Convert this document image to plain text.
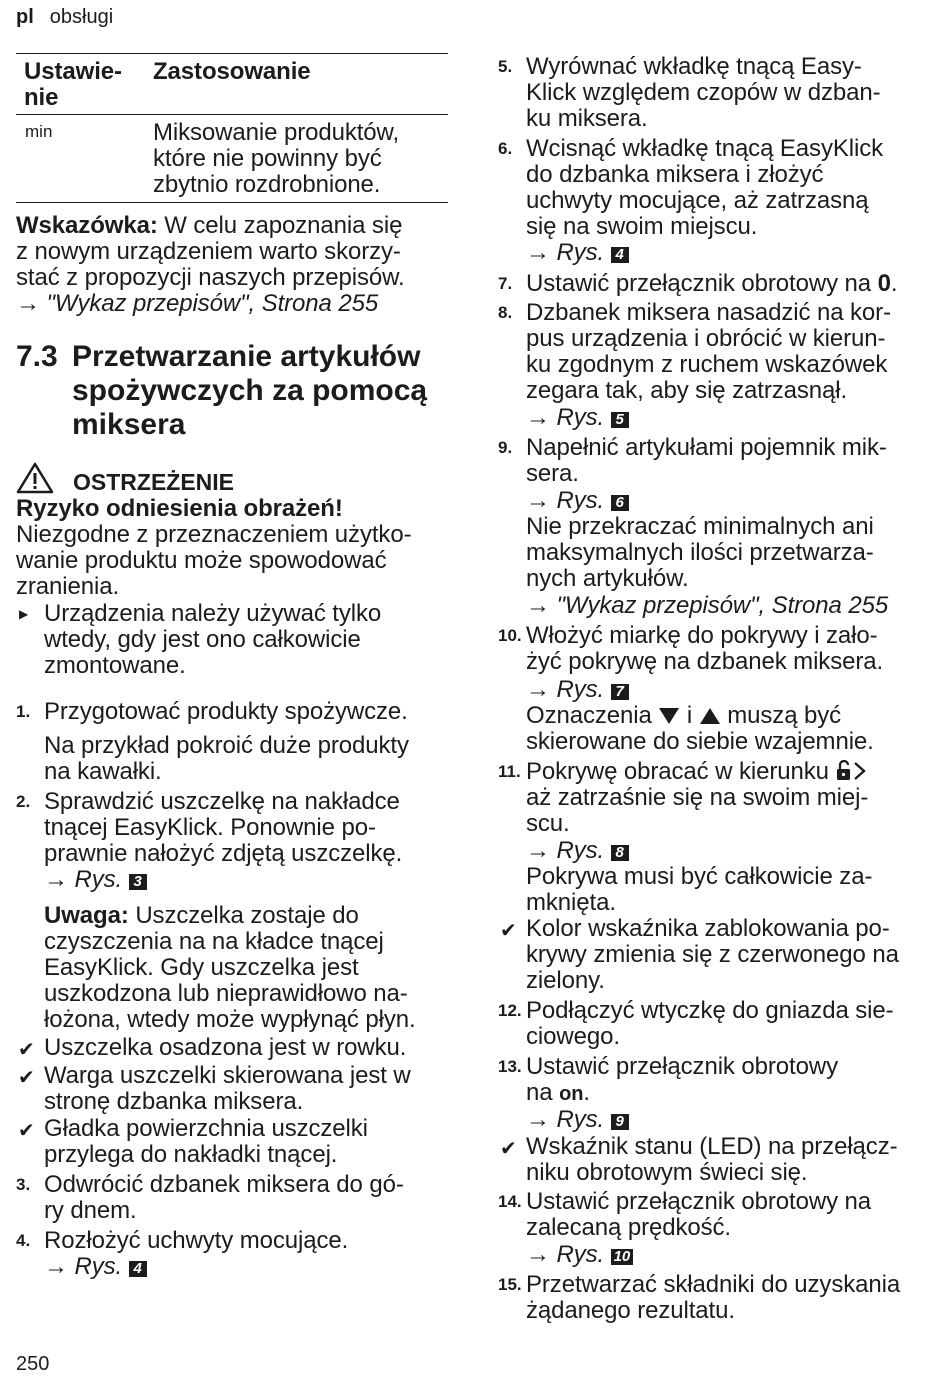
pl obsługi
Ustawie-
nie
Zastosowanie
min	Miksowanie produktów,
które nie powinny być
zbytnio rozdrobnione.
Wskazówka: W celu zapoznania się
z nowym urządzeniem warto skorzy-
stać z propozycji naszych przepisów.
→ "Wykaz przepisów", Strona 255
7.3 Przetwarzanie artykułów
spożywczych za pomocą
miksera
OSTRZEŻENIE
Ryzyko odniesienia obrażeń!
Niezgodne z przeznaczeniem użytko-
wanie produktu może spowodować
zranienia.
▶ Urządzenia należy używać tylko
wtedy, gdy jest ono całkowicie
zmontowane.
1. Przygotować produkty spożywcze.
Na przykład pokroić duże produkty
na kawałki.
2. Sprawdzić uszczelkę na nakładce
tnącej EasyKlick. Ponownie po-
prawnie nałożyć zdjętą uszczelkę.
→ Rys. 3
Uwaga: Uszczelka zostaje do
czyszczenia na na kładce tnącej
EasyKlick. Gdy uszczelka jest
uszkodzona lub nieprawidłowo na-
łożona, wtedy może wypłynąć płyn.
✔ Uszczelka osadzona jest w rowku.
✔ Warga uszczelki skierowana jest w
stronę dzbanka miksera.
✔ Gładka powierzchnia uszczelki
przylega do nakładki tnącej.
3. Odwrócić dzbanek miksera do gó-
ry dnem.
4. Rozłożyć uchwyty mocujące.
→ Rys. 4
5. Wyrównać wkładkę tnącą Easy-
Klick względem czopów w dzban-
ku miksera.
6. Wcisnąć wkładkę tnącą EasyKlick
do dzbanka miksera i złożyć
uchwyty mocujące, aż zatrzasną
się na swoim miejscu.
→ Rys. 4
7. Ustawić przełącznik obrotowy na 0.
8. Dzbanek miksera nasadzić na kor-
pus urządzenia i obrócić w kierun-
ku zgodnym z ruchem wskazówek
zegara tak, aby się zatrzasnął.
→ Rys. 5
9. Napełnić artykułami pojemnik mik-
sera.
→ Rys. 6
Nie przekraczać minimalnych ani
maksymalnych ilości przetwarza-
nych artykułów.
→ "Wykaz przepisów", Strona 255
10. Włożyć miarkę do pokrywy i zało-
żyć pokrywę na dzbanek miksera.
→ Rys. 7
Oznaczenia  i  muszą być
skierowane do siebie wzajemnie.
11. Pokrywę obracać w kierunku
aż zatrzaśnie się na swoim miej-
scu.
→ Rys. 8
Pokrywa musi być całkowicie za-
mknięta.
✔ Kolor wskaźnika zablokowania po-
krywy zmienia się z czerwonego na
zielony.
12. Podłączyć wtyczkę do gniazda sie-
ciowego.
13. Ustawić przełącznik obrotowy
na on.
→ Rys. 9
✔ Wskaźnik stanu (LED) na przełącz-
niku obrotowym świeci się.
14. Ustawić przełącznik obrotowy na
zalecaną prędkość.
→ Rys. 10
15. Przetwarzać składniki do uzyskania
żądanego rezultatu.
250
